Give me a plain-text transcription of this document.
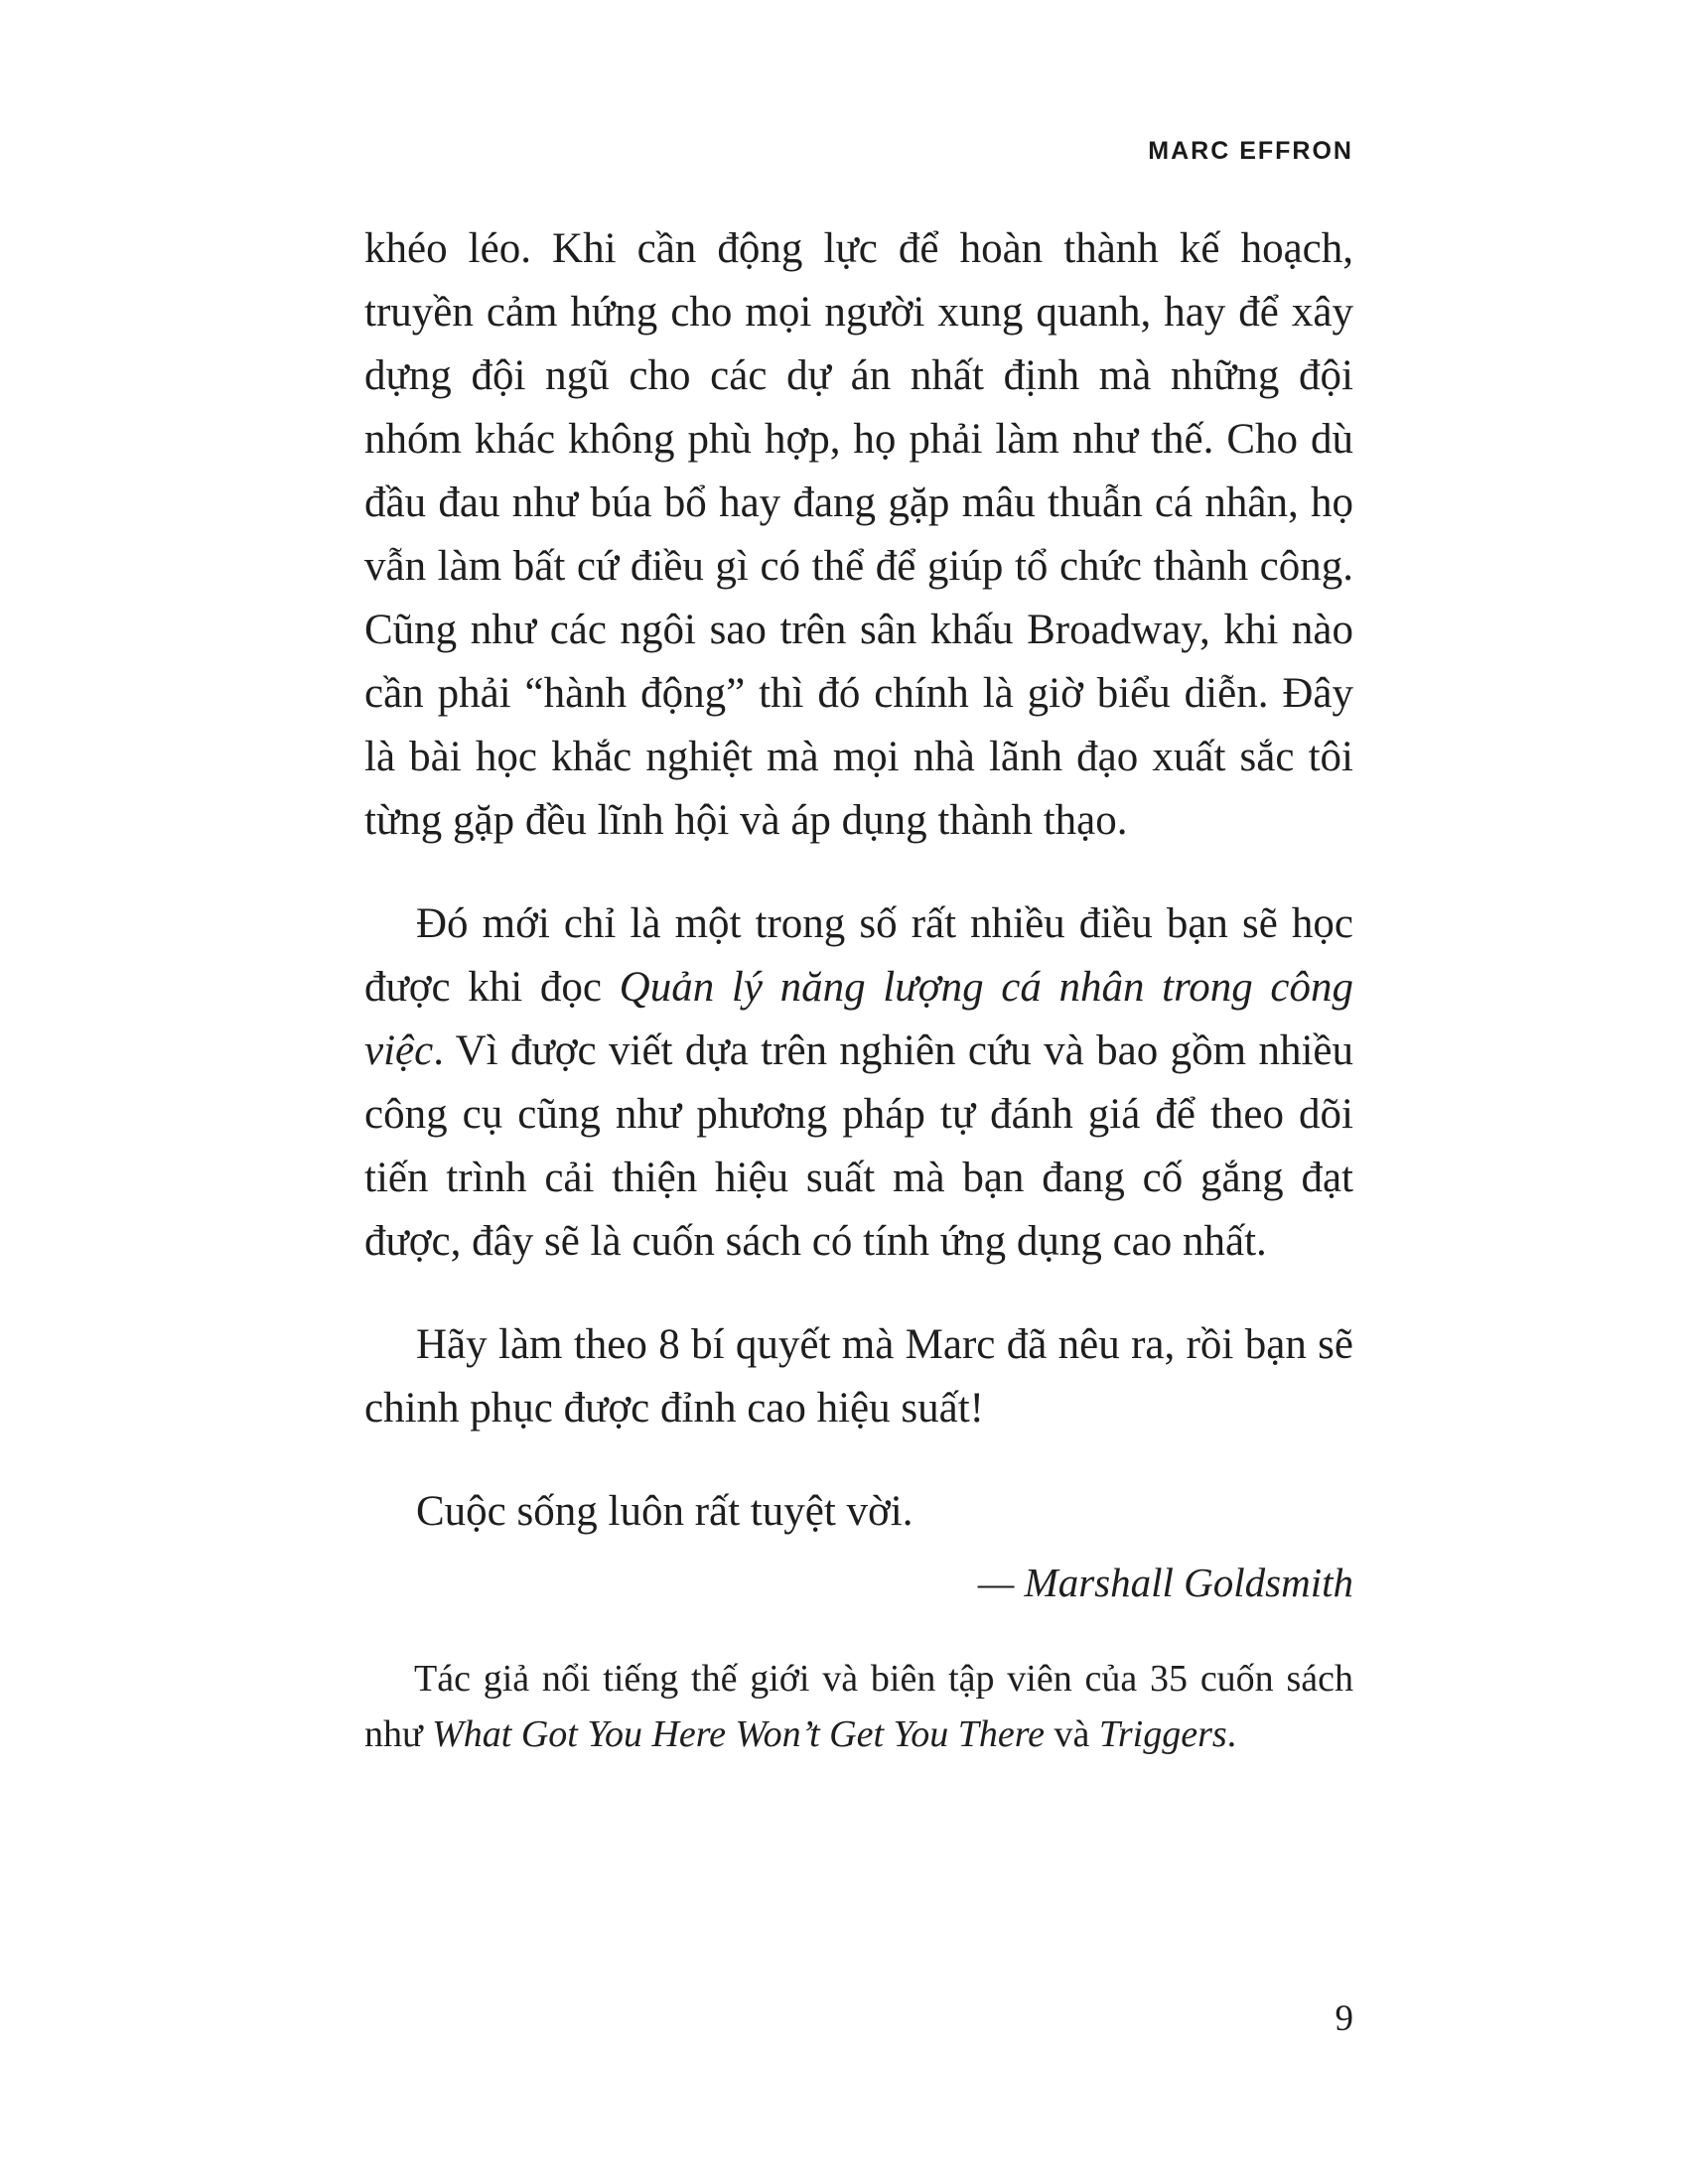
MARC EFFRON

khéo léo. Khi cần động lực để hoàn thành kế hoạch, truyền cảm hứng cho mọi người xung quanh, hay để xây dựng đội ngũ cho các dự án nhất định mà những đội nhóm khác không phù hợp, họ phải làm như thế. Cho dù đầu đau như búa bổ hay đang gặp mâu thuẫn cá nhân, họ vẫn làm bất cứ điều gì có thể để giúp tổ chức thành công. Cũng như các ngôi sao trên sân khấu Broadway, khi nào cần phải “hành động” thì đó chính là giờ biểu diễn. Đây là bài học khắc nghiệt mà mọi nhà lãnh đạo xuất sắc tôi từng gặp đều lĩnh hội và áp dụng thành thạo.

Đó mới chỉ là một trong số rất nhiều điều bạn sẽ học được khi đọc Quản lý năng lượng cá nhân trong công việc. Vì được viết dựa trên nghiên cứu và bao gồm nhiều công cụ cũng như phương pháp tự đánh giá để theo dõi tiến trình cải thiện hiệu suất mà bạn đang cố gắng đạt được, đây sẽ là cuốn sách có tính ứng dụng cao nhất.

Hãy làm theo 8 bí quyết mà Marc đã nêu ra, rồi bạn sẽ chinh phục được đỉnh cao hiệu suất!

Cuộc sống luôn rất tuyệt vời.

— Marshall Goldsmith

Tác giả nổi tiếng thế giới và biên tập viên của 35 cuốn sách như What Got You Here Won’t Get You There và Triggers.

9
